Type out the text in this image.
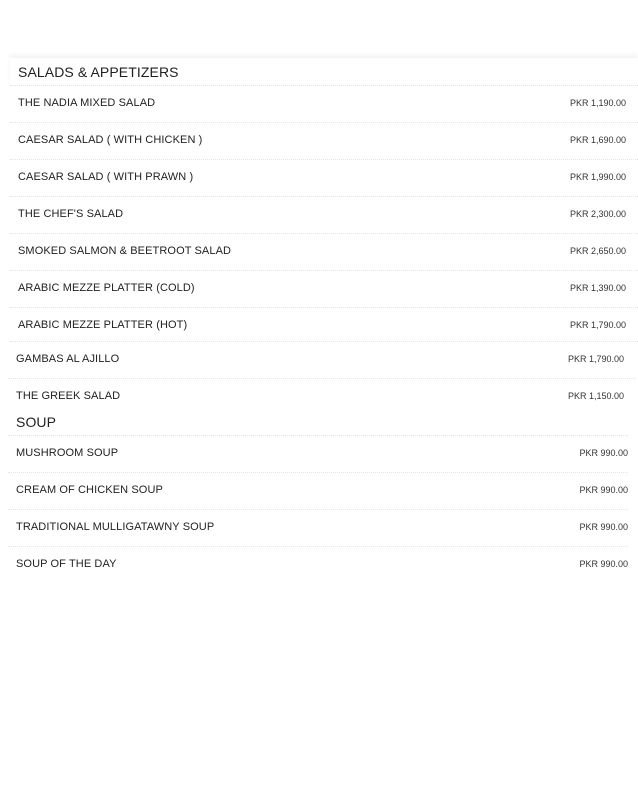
SALADS & APPETIZERS
THE NADIA MIXED SALAD	PKR 1,190.00
CAESAR SALAD ( WITH CHICKEN )	PKR 1,690.00
CAESAR SALAD ( WITH PRAWN )	PKR 1,990.00
THE CHEF'S SALAD	PKR 2,300.00
SMOKED SALMON & BEETROOT SALAD	PKR 2,650.00
ARABIC MEZZE PLATTER (COLD)	PKR 1,390.00
ARABIC MEZZE PLATTER (HOT)	PKR 1,790.00
GAMBAS AL AJILLO	PKR 1,790.00
THE GREEK SALAD	PKR 1,150.00
SOUP
MUSHROOM SOUP	PKR 990.00
CREAM OF CHICKEN SOUP	PKR 990.00
TRADITIONAL MULLIGATAWNY SOUP	PKR 990.00
SOUP OF THE DAY	PKR 990.00
